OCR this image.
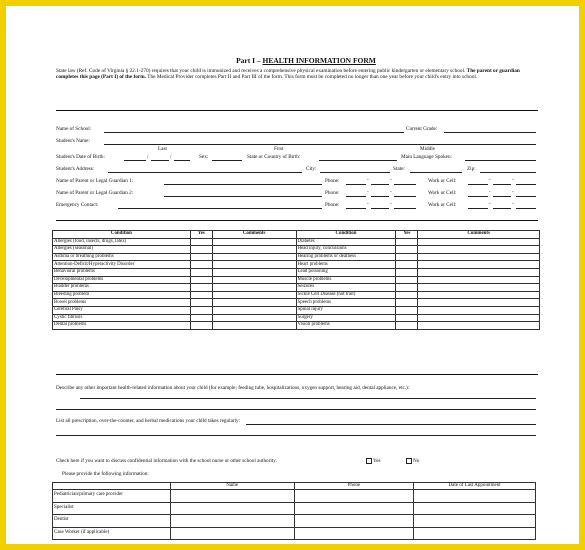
Part I – HEALTH INFORMATION FORM
State law (Ref. Code of Virginia § 22.1-270) requires that your child is immunized and receives a comprehensive physical examination before entering public kindergarten or elementary school. The parent or guardian completes this page (Part I) of the form. The Medical Provider completes Part II and Part III of the form. This form must be completed no longer than one year before your child's entry into school.
Name of School:	Current Grade:
Student's Name:
Last	First	Middle
Student's Date of Birth:	/	/	Sex:	State or Country of Birth:	Main Language Spoken:
Student's Address:	City:	State:	Zip:
Name of Parent or Legal Guardian 1:	Phone:	-	-	Work or Cell:	-	-
Name of Parent or Legal Guardian 2:	Phone:	-	-	Work or Cell:	-	-
Emergency Contact:	Phone:	-	-	Work or Cell:	-	-
Condition	Yes	Comments	Condition	Yes	Comments
Allergies (food, insects, drugs, latex)			Diabetes		
Allergies (seasonal)			Head injury, concussions		
Asthma or breathing problems			Hearing problems or deafness		
Attention-Deficit/Hyperactivity Disorder			Heart problems		
Behavioral problems			Lead poisoning		
Developmental problems			Muscle problems		
Bladder problems			Seizures		
Bleeding problem			Sickle Cell Disease (not trait)		
Bowel problems			Speech problems		
Cerebral Palsy			Spinal injury		
Cystic fibrosis			Surgery		
Dental problems			Vision problems		
Describe any other important health-related information about your child (for example; feeding tube, hospitalizations, oxygen support, hearing aid, dental appliance, etc.):
List all prescription, over-the-counter, and herbal medications your child takes regularly:
Check here if you want to discuss confidential information with the school nurse or other school authority.	Yes	No
Please provide the following information:
	Name	Phone	Date of Last Appointment
Pediatrician/primary care provider			
Specialist			
Dentist			
Case Worker (if applicable)			
